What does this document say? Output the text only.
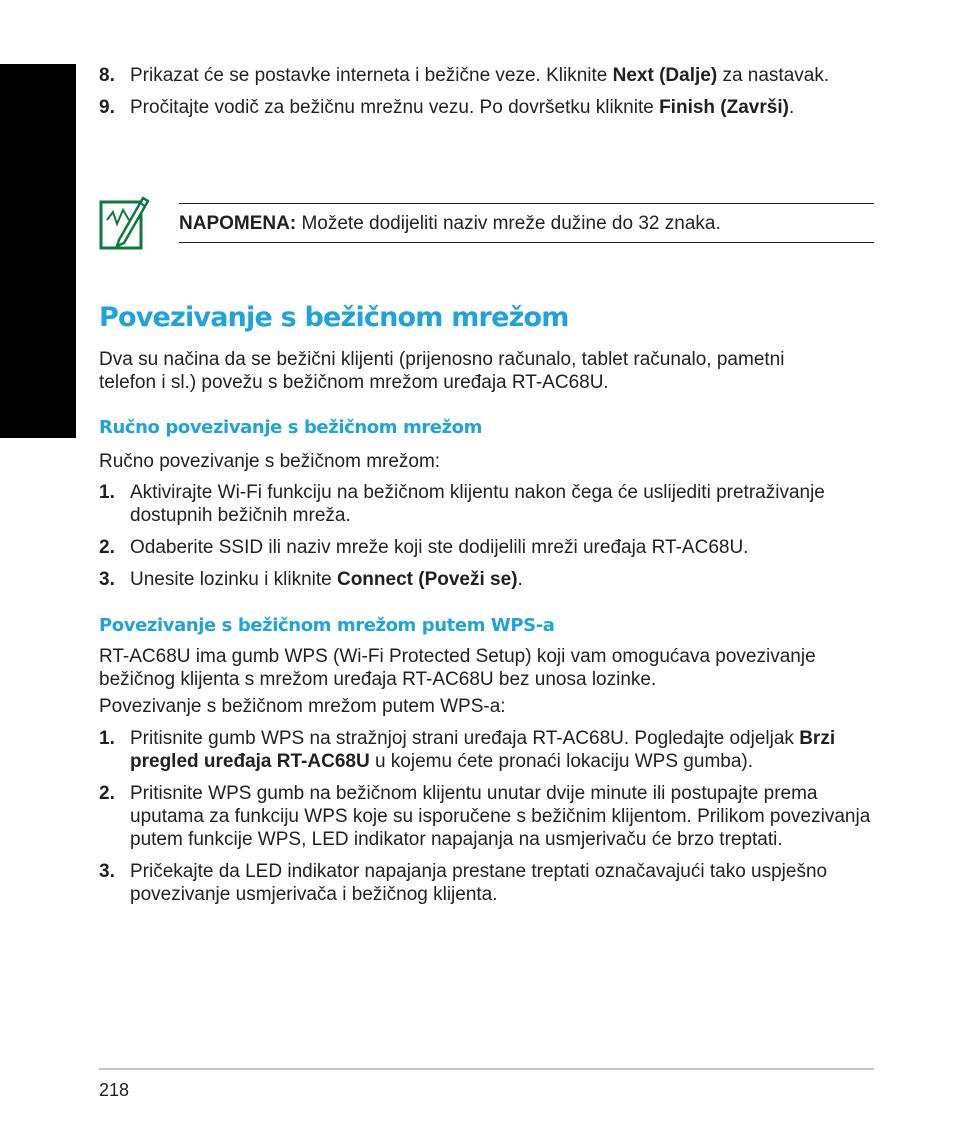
8. Prikazat će se postavke interneta i bežične veze. Kliknite Next (Dalje) za nastavak.
9. Pročitajte vodič za bežičnu mrežnu vezu. Po dovršetku kliknite Finish (Završi).
NAPOMENA: Možete dodijeliti naziv mreže dužine do 32 znaka.
Povezivanje s bežičnom mrežom

Dva su načina da se bežični klijenti (prijenosno računalo, tablet računalo, pametni telefon i sl.) povežu s bežičnom mrežom uređaja RT-AC68U.

Ručno povezivanje s bežičnom mrežom

Ručno povezivanje s bežičnom mrežom:

1. Aktivirajte Wi-Fi funkciju na bežičnom klijentu nakon čega će uslijediti pretraživanje dostupnih bežičnih mreža.
2. Odaberite SSID ili naziv mreže koji ste dodijelili mreži uređaja RT-AC68U.
3. Unesite lozinku i kliknite Connect (Poveži se).
Povezivanje s bežičnom mrežom putem WPS-a

RT-AC68U ima gumb WPS (Wi-Fi Protected Setup) koji vam omogućava povezivanje bežičnog klijenta s mrežom uređaja RT-AC68U bez unosa lozinke.

Povezivanje s bežičnom mrežom putem WPS-a:

1. Pritisnite gumb WPS na stražnjoj strani uređaja RT-AC68U. Pogledajte odjeljak Brzi pregled uređaja RT-AC68U u kojemu ćete pronaći lokaciju WPS gumba).
2. Pritisnite WPS gumb na bežičnom klijentu unutar dvije minute ili postupajte prema uputama za funkciju WPS koje su isporučene s bežičnim klijentom. Prilikom povezivanja putem funkcije WPS, LED indikator napajanja na usmjerivaču će brzo treptati.
3. Pričekajte da LED indikator napajanja prestane treptati označavajući tako uspješno povezivanje usmjerivača i bežičnog klijenta.
218
